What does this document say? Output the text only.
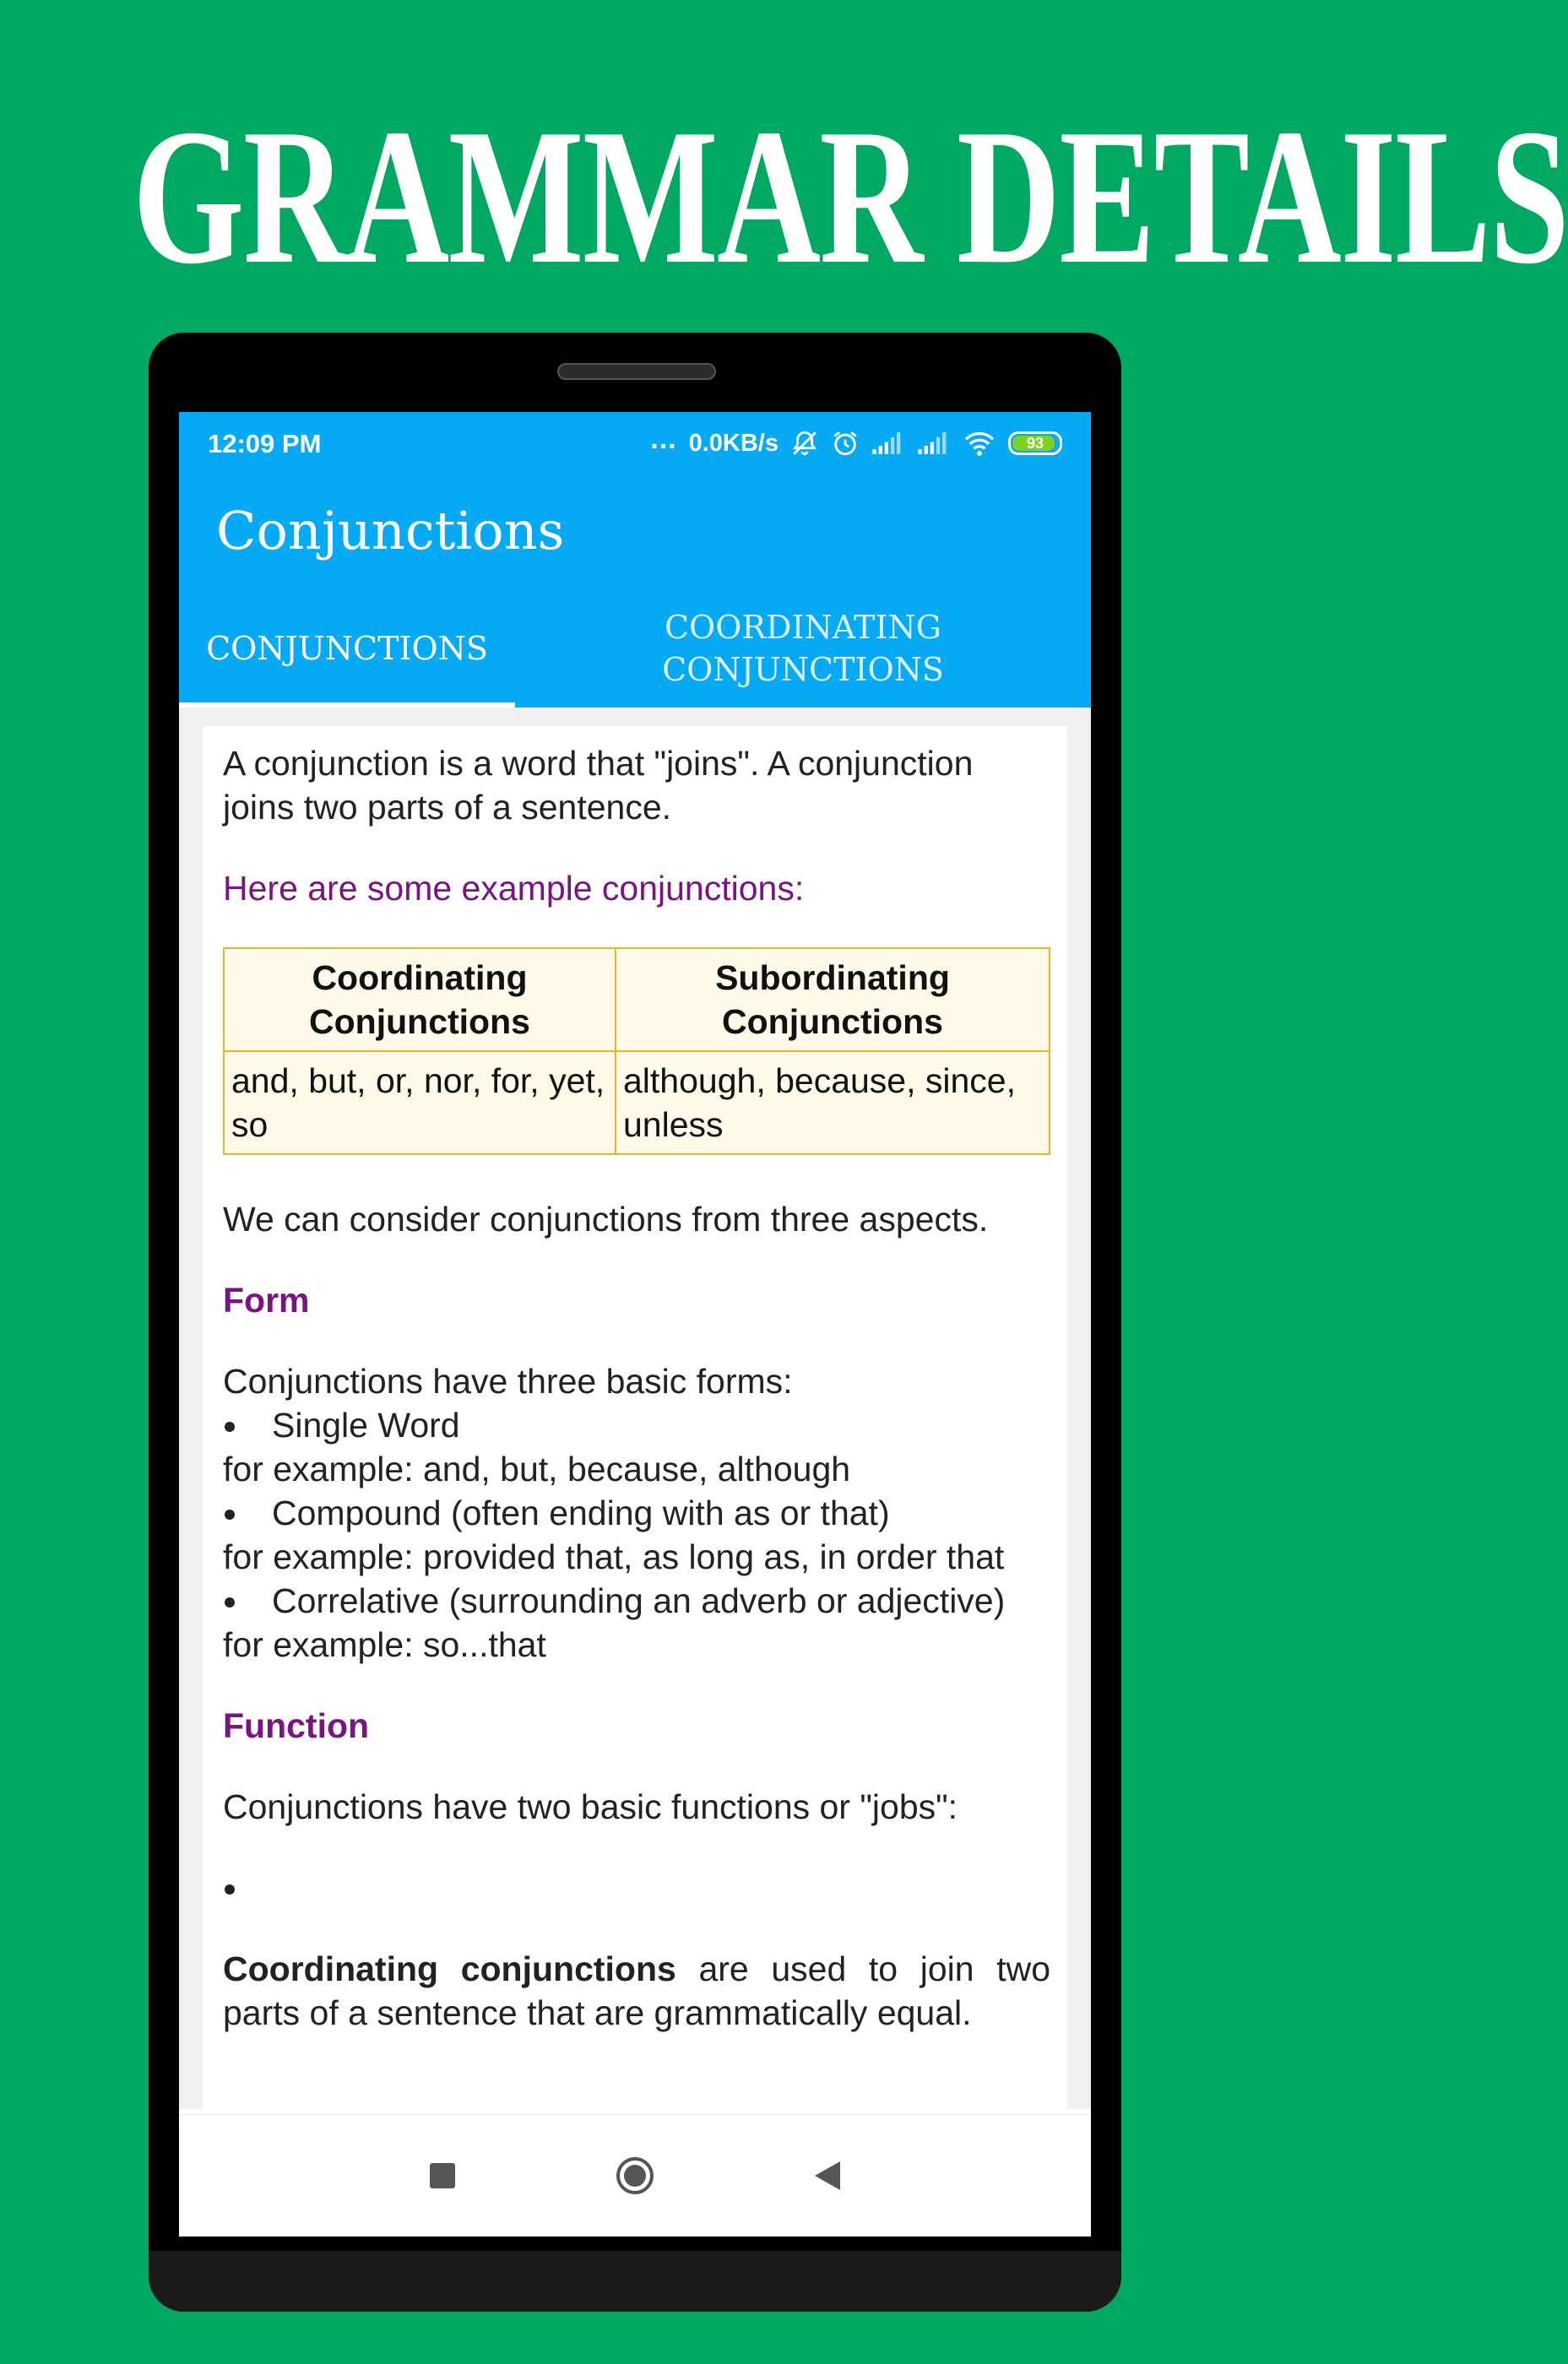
GRAMMAR DETAILS
12:09 PM	... 0.0KB/s	93
Conjunctions
CONJUNCTIONS
COORDINATING CONJUNCTIONS

A conjunction is a word that "joins". A conjunction joins two parts of a sentence.

Here are some example conjunctions:

Coordinating Conjunctions	Subordinating Conjunctions
and, but, or, nor, for, yet, so	although, because, since, unless

We can consider conjunctions from three aspects.

Form

Conjunctions have three basic forms:

Single Word

for example: and, but, because, although

Compound (often ending with as or that)

for example: provided that, as long as, in order that

Correlative (surrounding an adverb or adjective)

for example: so...that

Function

Conjunctions have two basic functions or "jobs":

Coordinating conjunctions are used to join two parts of a sentence that are grammatically equal.
